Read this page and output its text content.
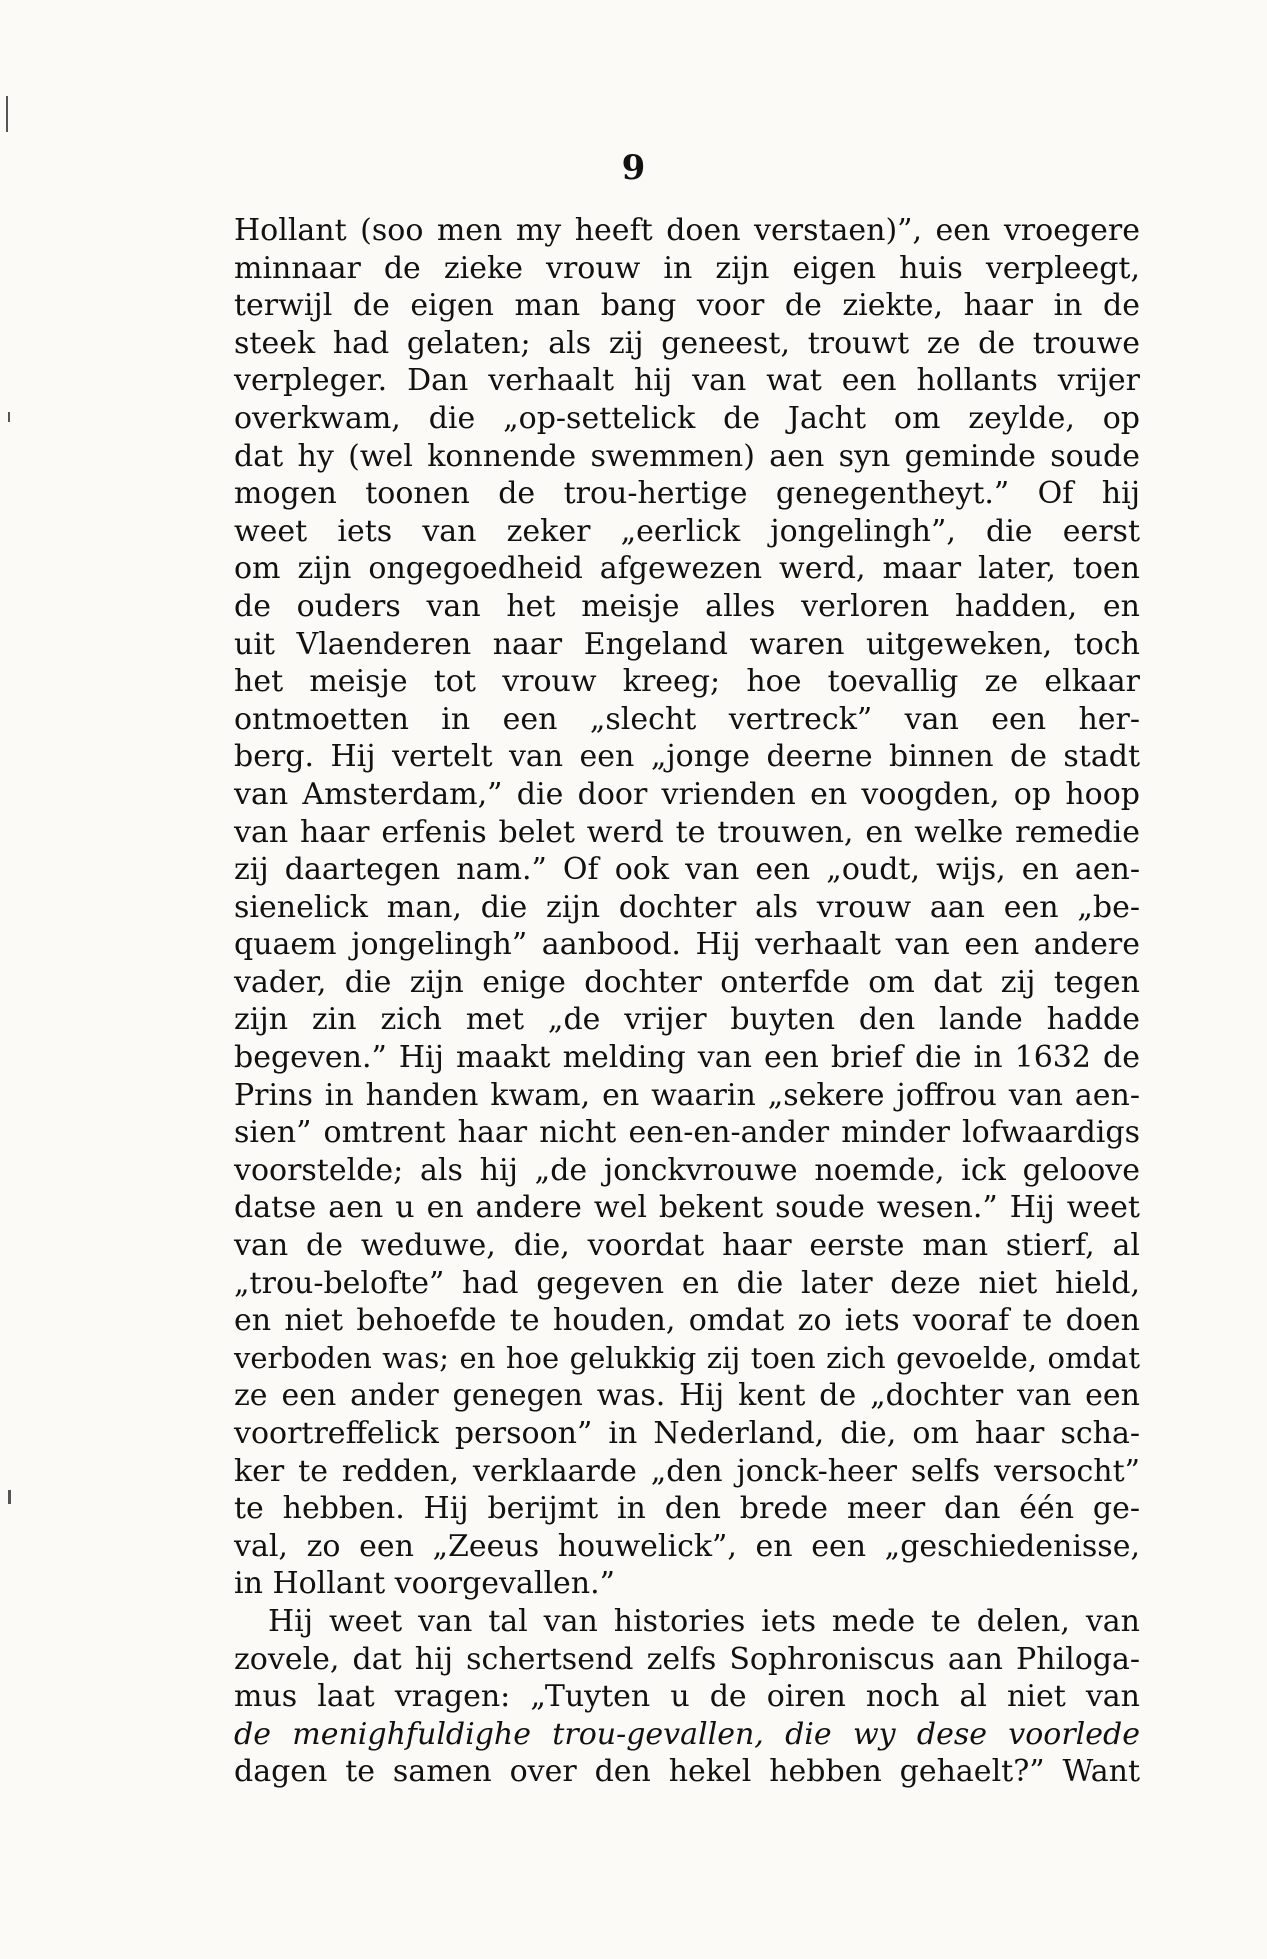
9
Hollant (soo men my heeft doen verstaen)”, een vroegere
minnaar de zieke vrouw in zijn eigen huis verpleegt,
terwijl de eigen man bang voor de ziekte, haar in de
steek had gelaten; als zij geneest, trouwt ze de trouwe
verpleger. Dan verhaalt hij van wat een hollants vrijer
overkwam, die „op-settelick de Jacht om zeylde, op
dat hy (wel konnende swemmen) aen syn geminde soude
mogen toonen de trou-hertige genegentheyt.” Of hij
weet iets van zeker „eerlick jongelingh”, die eerst
om zijn ongegoedheid afgewezen werd, maar later, toen
de ouders van het meisje alles verloren hadden, en
uit Vlaenderen naar Engeland waren uitgeweken, toch
het meisje tot vrouw kreeg; hoe toevallig ze elkaar
ontmoetten in een „slecht vertreck” van een her-
berg. Hij vertelt van een „jonge deerne binnen de stadt
van Amsterdam,” die door vrienden en voogden, op hoop
van haar erfenis belet werd te trouwen, en welke remedie
zij daartegen nam.” Of ook van een „oudt, wijs, en aen-
sienelick man, die zijn dochter als vrouw aan een „be-
quaem jongelingh” aanbood. Hij verhaalt van een andere
vader, die zijn enige dochter onterfde om dat zij tegen
zijn zin zich met „de vrijer buyten den lande hadde
begeven.” Hij maakt melding van een brief die in 1632 de
Prins in handen kwam, en waarin „sekere joffrou van aen-
sien” omtrent haar nicht een-en-ander minder lofwaardigs
voorstelde; als hij „de jonckvrouwe noemde, ick geloove
datse aen u en andere wel bekent soude wesen.” Hij weet
van de weduwe, die, voordat haar eerste man stierf, al
„trou-belofte” had gegeven en die later deze niet hield,
en niet behoefde te houden, omdat zo iets vooraf te doen
verboden was; en hoe gelukkig zij toen zich gevoelde, omdat
ze een ander genegen was. Hij kent de „dochter van een
voortreffelick persoon” in Nederland, die, om haar schа-
ker te redden, verklaarde „den jonck-heer selfs versocht”
te hebben. Hij berijmt in den brede meer dan één ge-
val, zo een „Zeeus houwelick”, en een „geschiedenisse,
in Hollant voorgevallen.”
Hij weet van tal van histories iets mede te delen, van
zovele, dat hij schertsend zelfs Sophroniscus aan Philoga-
mus laat vragen: „Tuyten u de oiren noch al niet van
de menighfuldighe trou-gevallen, die wy dese voorlede
dagen te samen over den hekel hebben gehaelt?” Want
